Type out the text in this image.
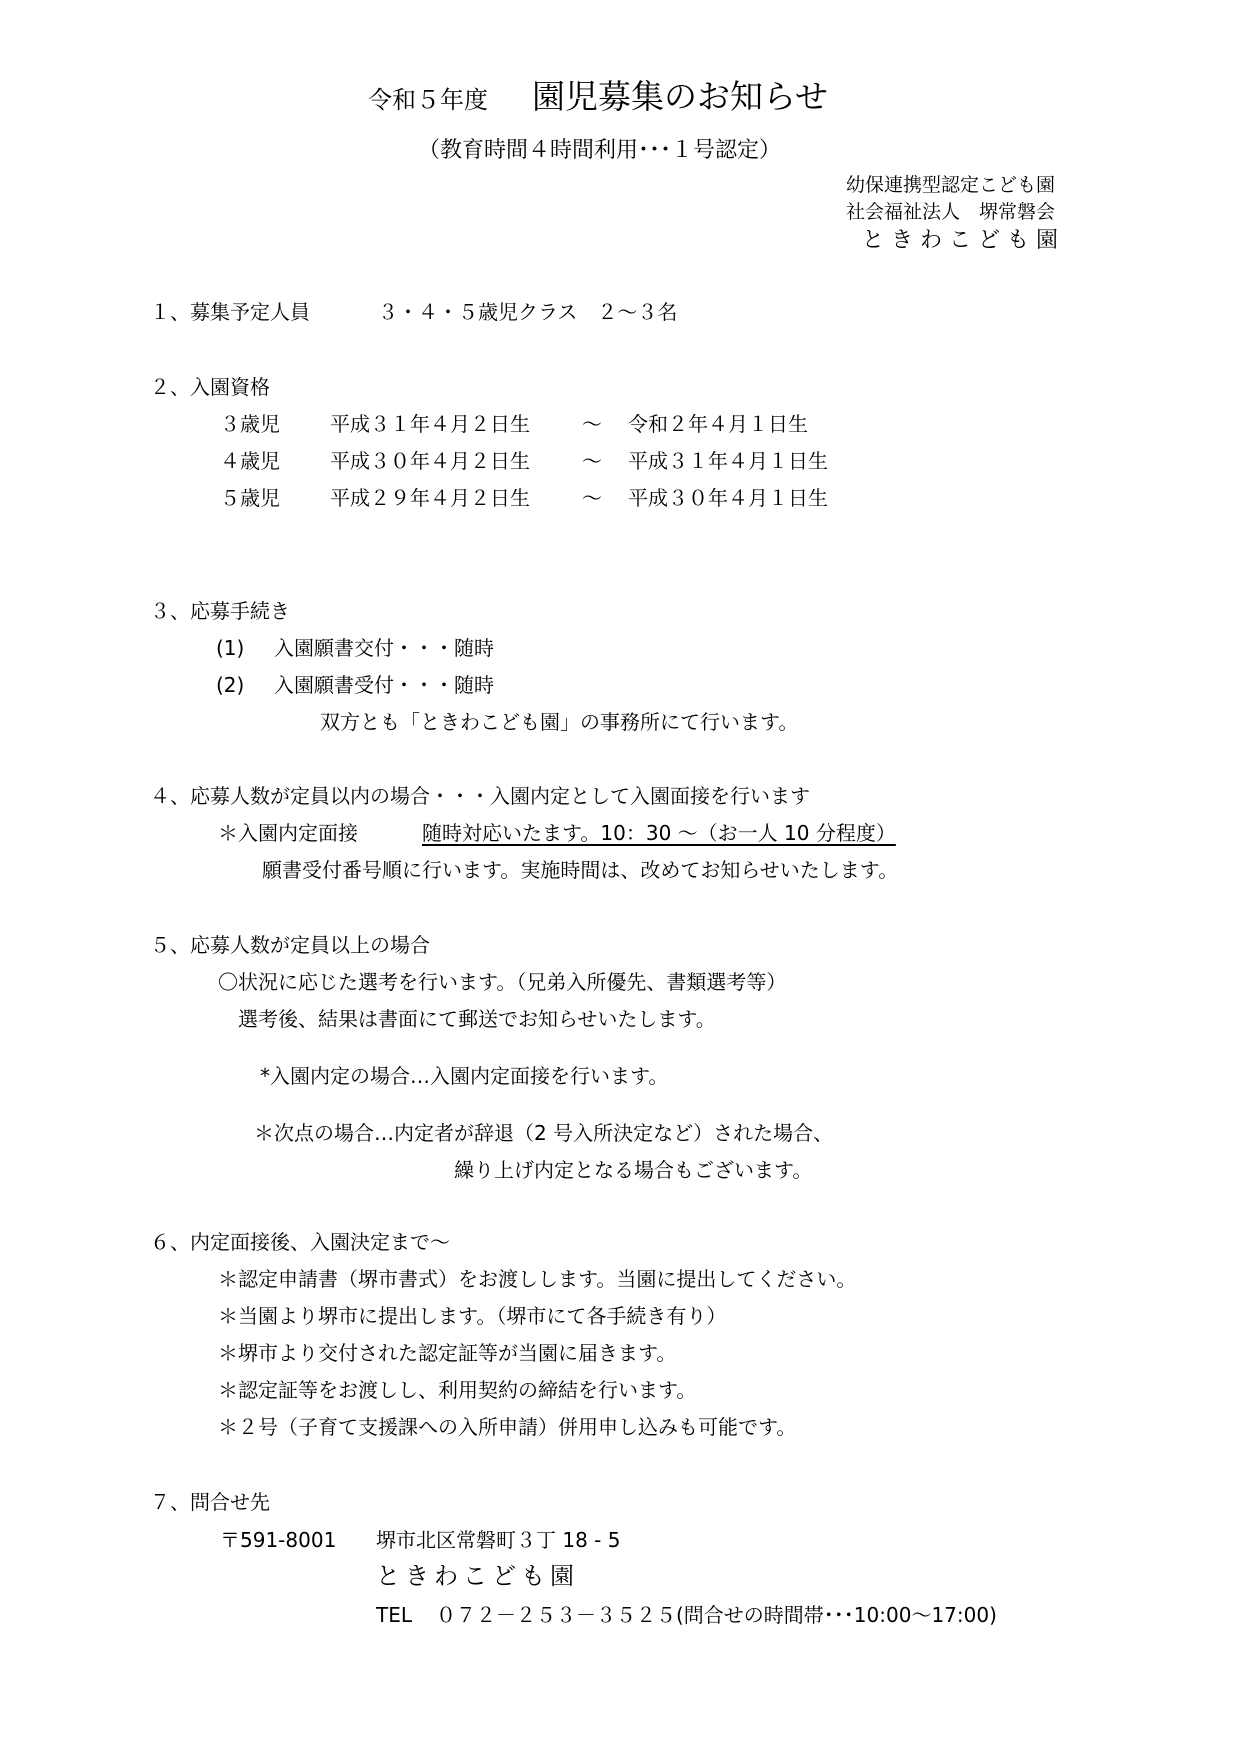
令和５年度 園児募集のお知らせ
（教育時間４時間利用･･･１号認定）
幼保連携型認定こども園
社会福祉法人　堺常磐会
ときわこども園
１、募集予定人員	３・４・５歳児クラス　２～３名
２、入園資格
３歳児	平成３１年４月２日生	～ 令和２年４月１日生
４歳児	平成３０年４月２日生	～ 平成３１年４月１日生
５歳児	平成２９年４月２日生	～ 平成３０年４月１日生
３、応募手続き
(1) 入園願書交付・・・随時
(2) 入園願書受付・・・随時
双方とも「ときわこども園」の事務所にて行います。
４、応募人数が定員以内の場合・・・入園内定として入園面接を行います
＊入園内定面接	随時対応いたます。10：30 ～（お一人 10 分程度）
願書受付番号順に行います。実施時間は、改めてお知らせいたします。
５、応募人数が定員以上の場合
〇状況に応じた選考を行います。（兄弟入所優先、書類選考等）
選考後、結果は書面にて郵送でお知らせいたします。
*入園内定の場合…入園内定面接を行います。
＊次点の場合…内定者が辞退（2 号入所決定など）された場合、
繰り上げ内定となる場合もございます。
６、内定面接後、入園決定まで～
＊認定申請書（堺市書式）をお渡しします。当園に提出してください。
＊当園より堺市に提出します。（堺市にて各手続き有り）
＊堺市より交付された認定証等が当園に届きます。
＊認定証等をお渡しし、利用契約の締結を行います。
＊２号（子育て支援課への入所申請）併用申し込みも可能です。
７、問合せ先
〒591-8001 堺市北区常磐町３丁 18 - 5
ときわこども園
TEL ０７２－２５３－３５２５(問合せの時間帯･･･10:00～17:00)
